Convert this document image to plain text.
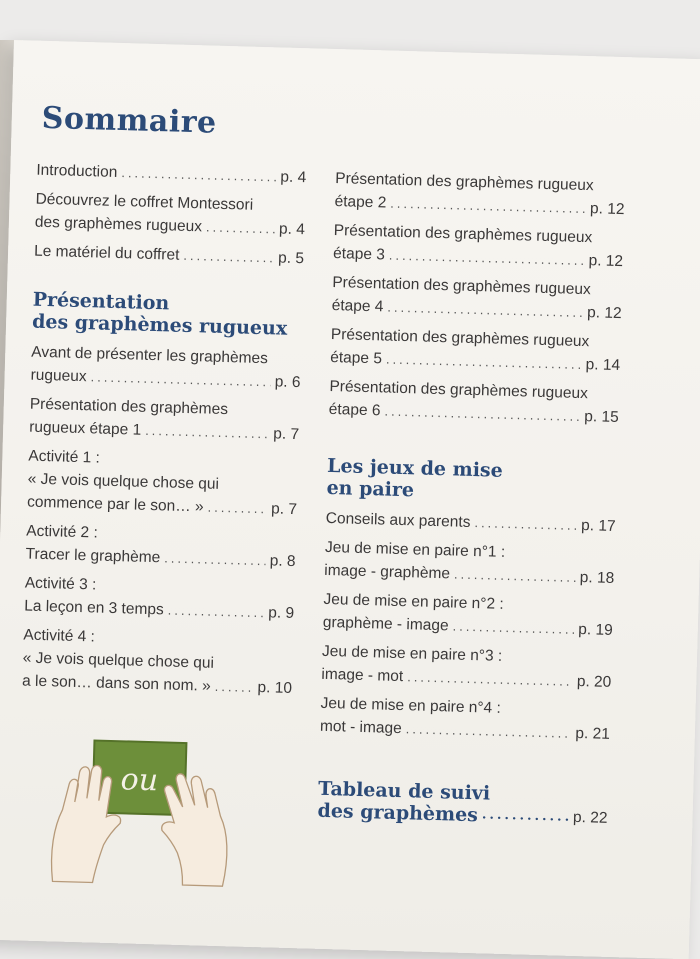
Sommaire
Introduction .....	p. 4
Découvrez le coffret Montessori
des graphèmes rugueux .....	p. 4
Le matériel du coffret .....	p. 5
Présentation
des graphèmes rugueux
Avant de présenter les graphèmes
rugueux .....	p. 6
Présentation des graphèmes
rugueux étape 1 .....	p. 7
Activité 1 :
« Je vois quelque chose qui
commence par le son… » .....	p. 7
Activité 2 :
Tracer le graphème .....	p. 8
Activité 3 :
La leçon en 3 temps .....	p. 9
Activité 4 :
« Je vois quelque chose qui
a le son… dans son nom. » .....	p. 10
Présentation des graphèmes rugueux
étape 2 .....	p. 12
Présentation des graphèmes rugueux
étape 3 .....	p. 12
Présentation des graphèmes rugueux
étape 4 .....	p. 12
Présentation des graphèmes rugueux
étape 5 .....	p. 14
Présentation des graphèmes rugueux
étape 6 .....	p. 15
Les jeux de mise
en paire
Conseils aux parents .....	p. 17
Jeu de mise en paire n°1 :
image - graphème .....	p. 18
Jeu de mise en paire n°2 :
graphème - image .....	p. 19
Jeu de mise en paire n°3 :
image - mot .....	p. 20
Jeu de mise en paire n°4 :
mot - image .....	p. 21
Tableau de suivi
des graphèmes .....	p. 22
ou
